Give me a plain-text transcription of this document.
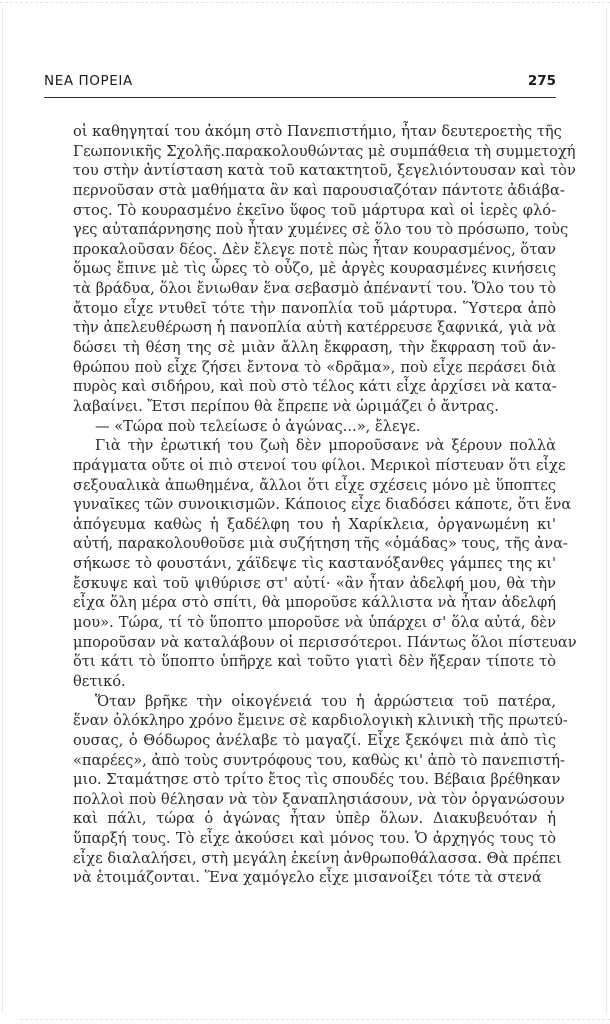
ΝΕΑ ΠΟΡΕΙΑ	275
οἱ καθηγηταί του ἀκόμη στὸ Πανεπιστήμιο, ἦταν δευτεροετὴς τῆς
Γεωπονικῆς Σχολῆς.παρακολουθώντας μὲ συμπάθεια τὴ συμμετοχή
του στὴν ἀντίσταση κατὰ τοῦ κατακτητοῦ, ξεγελιόντουσαν καὶ τὸν
περνοῦσαν στὰ μαθήματα ἂν καὶ παρουσιαζόταν πάντοτε ἀδιάβα-
στος. Τὸ κουρασμένο ἐκεῖνο ὕφος τοῦ μάρτυρα καὶ οἱ ἱερὲς φλό-
γες αὐταπάρνησης ποὺ ἦταν χυμένες σὲ ὅλο του τὸ πρόσωπο, τοὺς
προκαλοῦσαν δέος. Δὲν ἔλεγε ποτὲ πὼς ἦταν κουρασμένος, ὅταν
ὅμως ἔπινε μὲ τὶς ὧρες τὸ οὖζο, μὲ ἀργὲς κουρασμένες κινήσεις
τὰ βράδυα, ὅλοι ἔνιωθαν ἕνα σεβασμὸ ἀπέναντί του. Ὅλο του τὸ
ἄτομο εἶχε ντυθεῖ τότε τὴν πανοπλία τοῦ μάρτυρα. Ὕστερα ἀπὸ
τὴν ἀπελευθέρωση ἡ πανοπλία αὐτὴ κατέρρευσε ξαφνικά, γιὰ νὰ
δώσει τὴ θέση της σὲ μιὰν ἄλλη ἔκφραση, τὴν ἔκφραση τοῦ ἀν-
θρώπου ποὺ εἶχε ζήσει ἔντονα τὸ «δρᾶμα», ποὺ εἶχε περάσει διὰ
πυρὸς καὶ σιδήρου, καὶ ποὺ στὸ τέλος κάτι εἶχε ἀρχίσει νὰ κατα-
λαβαίνει. Ἔτσι περίπου θὰ ἔπρεπε νὰ ὡριμάζει ὁ ἄντρας.
— «Τώρα ποὺ τελείωσε ὁ ἀγώνας...», ἔλεγε.
Γιὰ τὴν ἐρωτική του ζωὴ δὲν μποροῦσανε νὰ ξέρουν πολλὰ
πράγματα οὔτε οἱ πιὸ στενοί του φίλοι. Μερικοὶ πίστευαν ὅτι εἶχε
σεξουαλικὰ ἀπωθημένα, ἄλλοι ὅτι εἶχε σχέσεις μόνο μὲ ὕποπτες
γυναῖκες τῶν συνοικισμῶν. Κάποιος εἶχε διαδόσει κάποτε, ὅτι ἕνα
ἀπόγευμα καθὼς ἡ ξαδέλφη του ἡ Χαρίκλεια, ὀργανωμένη κι'
αὐτή, παρακολουθοῦσε μιὰ συζήτηση τῆς «ὁμάδας» τους, τῆς ἀνα-
σήκωσε τὸ φουστάνι, χάϊδεψε τὶς καστανόξανθες γάμπες της κι'
ἔσκυψε καὶ τοῦ ψιθύρισε στ' αὐτί· «ἂν ἦταν ἀδελφή μου, θὰ τὴν
εἶχα ὅλη μέρα στὸ σπίτι, θὰ μποροῦσε κάλλιστα νὰ ἦταν ἀδελφή
μου». Τώρα, τί τὸ ὕποπτο μποροῦσε νὰ ὑπάρχει σ' ὅλα αὐτά, δὲν
μποροῦσαν νὰ καταλάβουν οἱ περισσότεροι. Πάντως ὅλοι πίστευαν
ὅτι κάτι τὸ ὕποπτο ὑπῆρχε καὶ τοῦτο γιατὶ δὲν ἤξεραν τίποτε τὸ
θετικό.
Ὅταν βρῆκε τὴν οἰκογένειά του ἡ ἀρρώστεια τοῦ πατέρα,
ἕναν ὁλόκληρο χρόνο ἔμεινε σὲ καρδιολογικὴ κλινικὴ τῆς πρωτεύ-
ουσας, ὁ Θόδωρος ἀνέλαβε τὸ μαγαζί. Εἶχε ξεκόψει πιὰ ἀπὸ τὶς
«παρέες», ἀπὸ τοὺς συντρόφους του, καθὼς κι' ἀπὸ τὸ πανεπιστή-
μιο. Σταμάτησε στὸ τρίτο ἔτος τὶς σπουδές του. Βέβαια βρέθηκαν
πολλοὶ ποὺ θέλησαν νὰ τὸν ξαναπλησιάσουν, νὰ τὸν ὀργανώσουν
καὶ πάλι, τώρα ὁ ἀγώνας ἦταν ὑπὲρ ὅλων. Διακυβευόταν ἡ
ὕπαρξή τους. Τὸ εἶχε ἀκούσει καὶ μόνος του. Ὁ ἀρχηγός τους τὸ
εἶχε διαλαλήσει, στὴ μεγάλη ἐκείνη ἀνθρωποθάλασσα. Θὰ πρέπει
νὰ ἑτοιμάζονται. Ἕνα χαμόγελο εἶχε μισανοίξει τότε τὰ στενά
